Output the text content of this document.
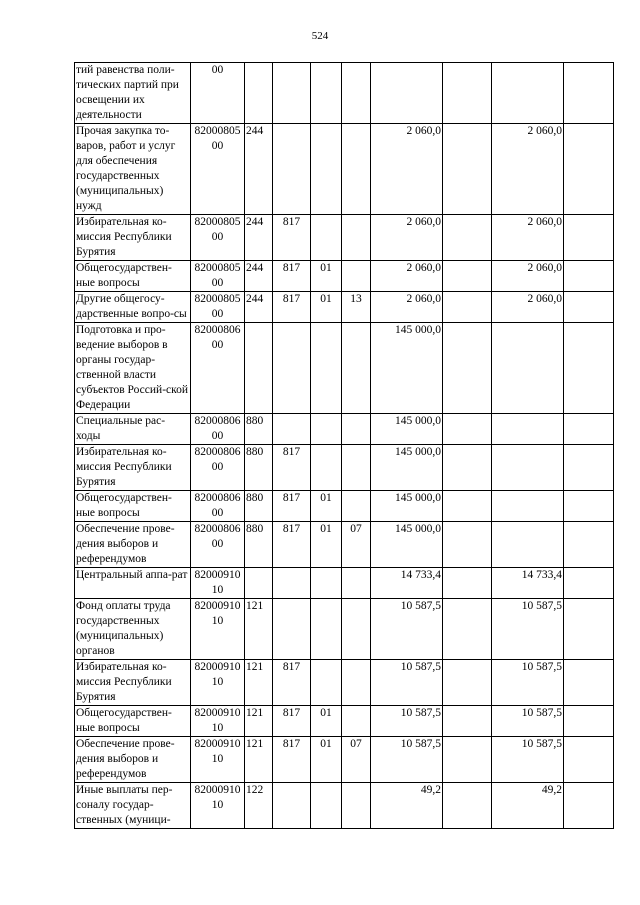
524
тий равенства поли-тических партий при освещении их деятельности	00								
Прочая закупка то-варов, работ и услуг для обеспечения государственных (муниципальных) нужд	82000805 00	244				2 060,0		2 060,0	
Избирательная ко-миссия Республики Бурятия	82000805 00	244	817			2 060,0		2 060,0	
Общегосударствен-ные вопросы	82000805 00	244	817	01		2 060,0		2 060,0	
Другие общегосу-дарственные вопро-сы	82000805 00	244	817	01	13	2 060,0		2 060,0	
Подготовка и про-ведение выборов в органы государ-ственной власти субъектов Россий-ской Федерации	82000806 00					145 000,0			
Специальные рас-ходы	82000806 00	880				145 000,0			
Избирательная ко-миссия Республики Бурятия	82000806 00	880	817			145 000,0			
Общегосударствен-ные вопросы	82000806 00	880	817	01		145 000,0			
Обеспечение прове-дения выборов и референдумов	82000806 00	880	817	01	07	145 000,0			
Центральный аппа-рат	82000910 10					14 733,4		14 733,4	
Фонд оплаты труда государственных (муниципальных) органов	82000910 10	121				10 587,5		10 587,5	
Избирательная ко-миссия Республики Бурятия	82000910 10	121	817			10 587,5		10 587,5	
Общегосударствен-ные вопросы	82000910 10	121	817	01		10 587,5		10 587,5	
Обеспечение прове-дения выборов и референдумов	82000910 10	121	817	01	07	10 587,5		10 587,5	
Иные выплаты пер-соналу государ-ственных (муници-	82000910 10	122				49,2		49,2	
